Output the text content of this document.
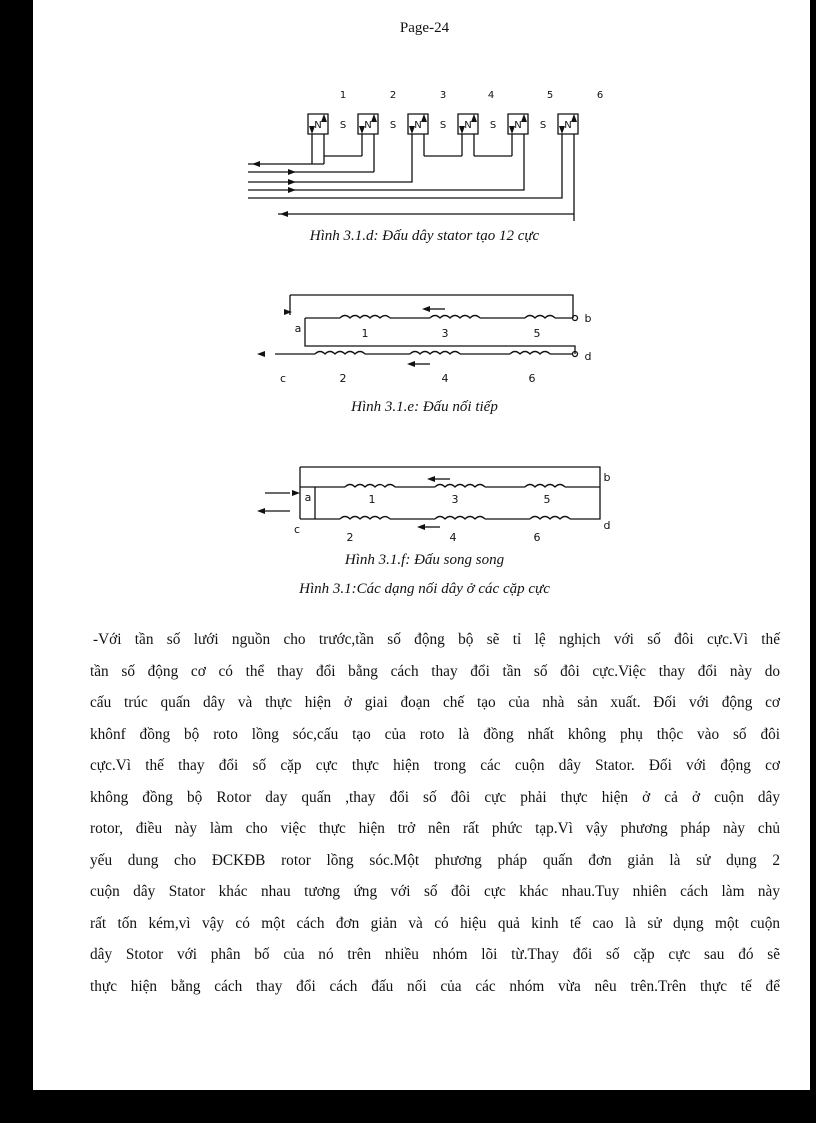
Page-24
1	2	3	4	5	6
N S N S N S N S N S N
Hình 3.1.d: Đấu dây stator tạo 12 cực
a
b
c
d
1	3	5
2	4	6
Hình 3.1.e: Đấu nối tiếp
a
b
c	d
1	3	5
2	4	6
Hình 3.1.f: Đấu song song
Hình 3.1:Các dạng nối dây ở các cặp cực
-Với tần số lưới nguồn cho trước,tần số động bộ sẽ tỉ lệ nghịch với số đôi cực.Vì thế
tần số động cơ có thể thay đổi bằng cách thay đổi tần số đôi cực.Việc thay đổi này do
cấu trúc quấn dây và thực hiện ở giai đoạn chế tạo của nhà sản xuất. Đối với động cơ
khônf đồng bộ roto lồng sóc,cấu tạo của roto là đồng nhất không phụ thộc vào số đôi
cực.Vì thế thay đổi số cặp cực thực hiện trong các cuộn dây Stator. Đối với động cơ
không đồng bộ Rotor day quấn ,thay đổi số đôi cực phải thực hiện ở cả ở cuộn dây
rotor, điều này làm cho việc thực hiện trở nên rất phức tạp.Vì vậy phương pháp này chủ
yếu dung cho ĐCKĐB rotor lồng sóc.Một phương pháp quấn đơn giản là sử dụng 2
cuộn dây Stator khác nhau tương ứng với số đôi cực khác nhau.Tuy nhiên cách làm này
rất tốn kém,vì vậy có một cách đơn giản và có hiệu quả kinh tế cao là sử dụng một cuộn
dây Stotor với phân bố của nó trên nhiều nhóm lõi từ.Thay đổi số cặp cực sau đó sẽ
thực hiện bằng cách thay đổi cách đấu nối của các nhóm vừa nêu trên.Trên thực tế để
